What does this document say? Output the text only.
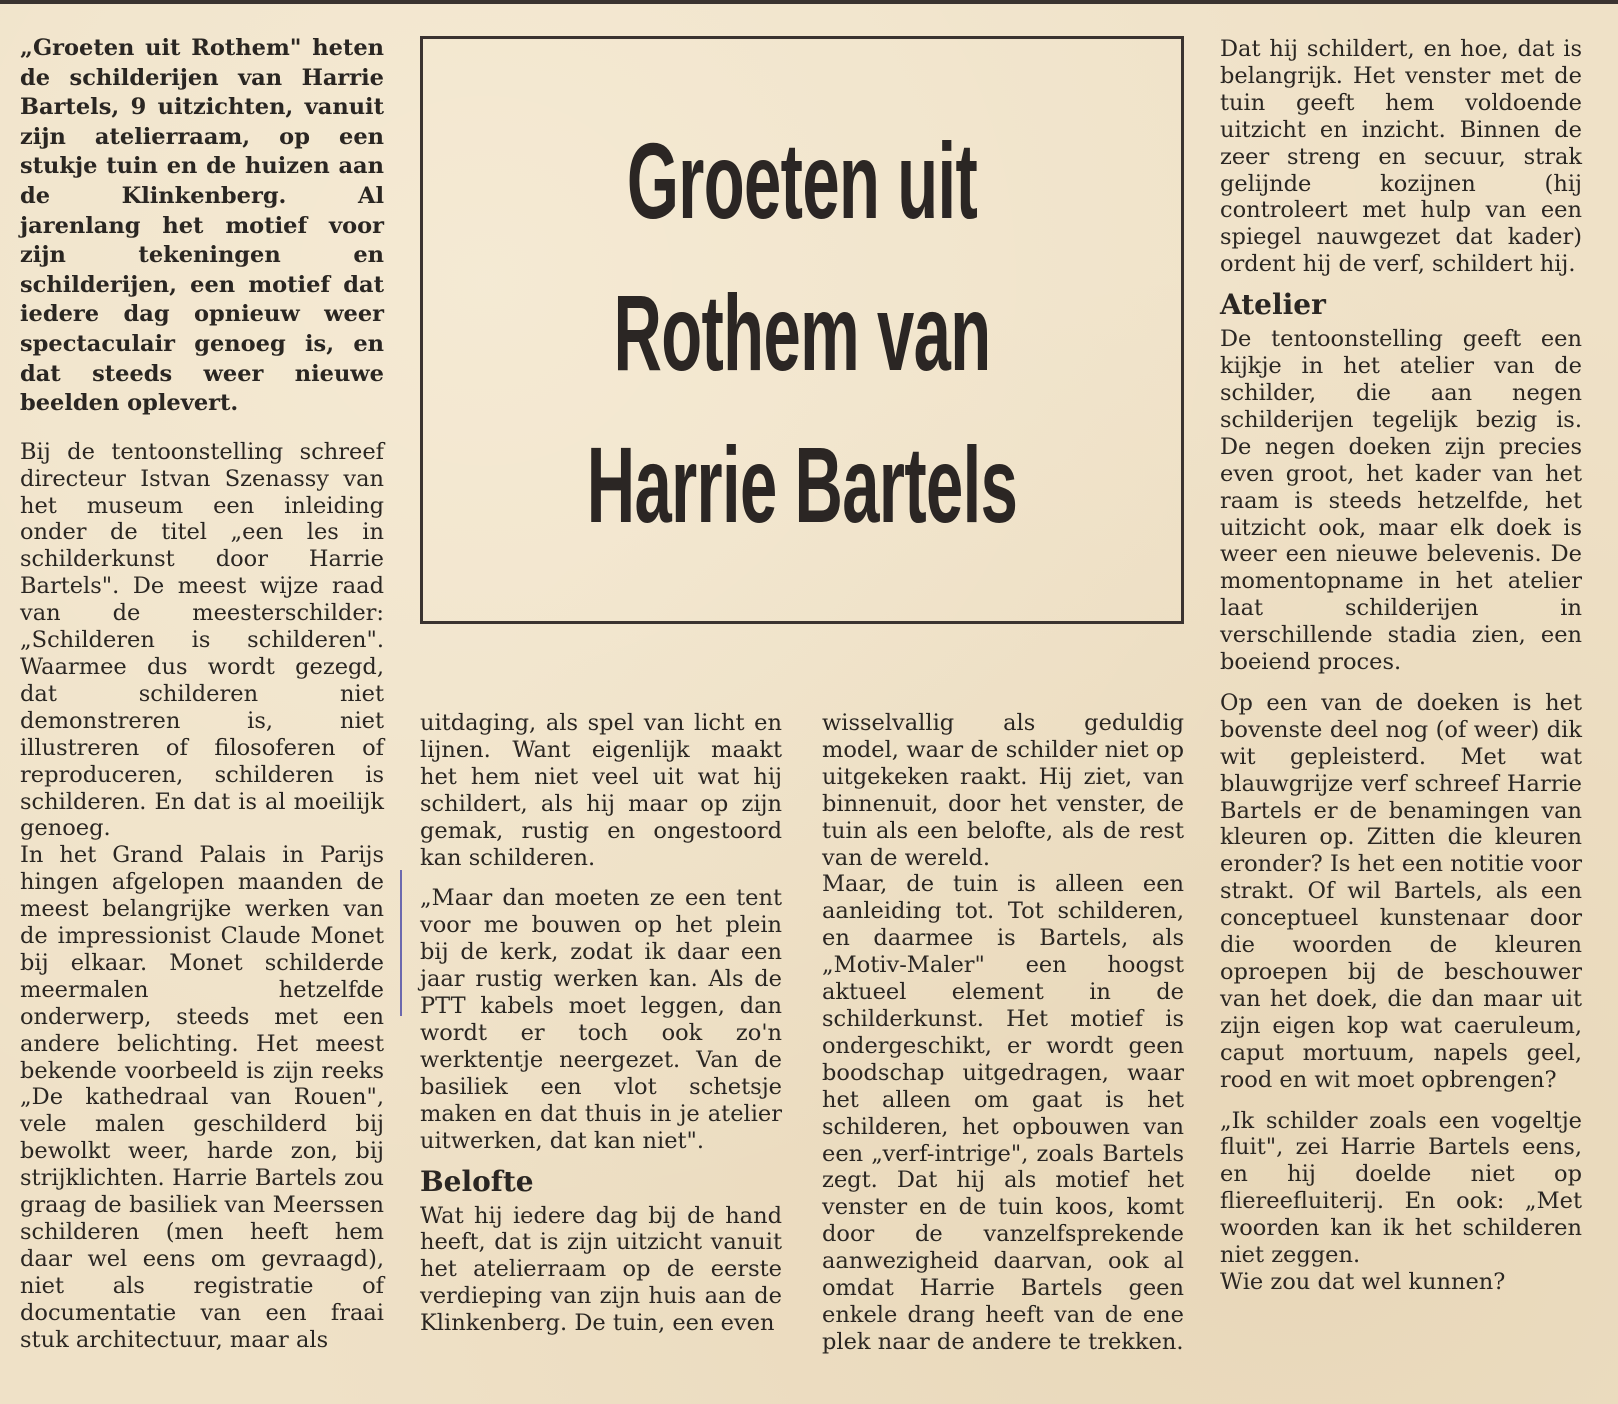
„Groeten uit Rothem" heten de schilderijen van Harrie Bartels, 9 uitzichten, vanuit zijn atelierraam, op een stukje tuin en de huizen aan de Klinkenberg. Al jarenlang het motief voor zijn tekeningen en schilderijen, een motief dat iedere dag opnieuw weer spectaculair genoeg is, en dat steeds weer nieuwe beelden oplevert.

Bij de tentoonstelling schreef directeur Istvan Szenassy van het museum een inleiding onder de titel „een les in schilderkunst door Harrie Bartels". De meest wijze raad van de meesterschilder: „Schilderen is schilderen". Waarmee dus wordt gezegd, dat schilderen niet demonstreren is, niet illustreren of filosoferen of reproduceren, schilderen is schilderen. En dat is al moeilijk genoeg.

In het Grand Palais in Parijs hingen afgelopen maanden de meest belangrijke werken van de impressionist Claude Monet bij elkaar. Monet schilderde meermalen hetzelfde onderwerp, steeds met een andere belichting. Het meest bekende voorbeeld is zijn reeks „De kathedraal van Rouen", vele malen geschilderd bij bewolkt weer, harde zon, bij strijklichten. Harrie Bartels zou graag de basiliek van Meerssen schilderen (men heeft hem daar wel eens om gevraagd), niet als registratie of documentatie van een fraai stuk architectuur, maar als

Groeten uit
Rothem van
Harrie Bartels

uitdaging, als spel van licht en lijnen. Want eigenlijk maakt het hem niet veel uit wat hij schildert, als hij maar op zijn gemak, rustig en ongestoord kan schilderen.

„Maar dan moeten ze een tent voor me bouwen op het plein bij de kerk, zodat ik daar een jaar rustig werken kan. Als de PTT kabels moet leggen, dan wordt er toch ook zo'n werktentje neergezet. Van de basiliek een vlot schetsje maken en dat thuis in je atelier uitwerken, dat kan niet".

Belofte

Wat hij iedere dag bij de hand heeft, dat is zijn uitzicht vanuit het atelierraam op de eerste verdieping van zijn huis aan de Klinkenberg. De tuin, een even

wisselvallig als geduldig model, waar de schilder niet op uitgekeken raakt. Hij ziet, van binnenuit, door het venster, de tuin als een belofte, als de rest van de wereld.

Maar, de tuin is alleen een aanleiding tot. Tot schilderen, en daarmee is Bartels, als „Motiv-Maler" een hoogst aktueel element in de schilderkunst. Het motief is ondergeschikt, er wordt geen boodschap uitgedragen, waar het alleen om gaat is het schilderen, het opbouwen van een „verf-intrige", zoals Bartels zegt. Dat hij als motief het venster en de tuin koos, komt door de vanzelfsprekende aanwezigheid daarvan, ook al omdat Harrie Bartels geen enkele drang heeft van de ene plek naar de andere te trekken.

Dat hij schildert, en hoe, dat is belangrijk. Het venster met de tuin geeft hem voldoende uitzicht en inzicht. Binnen de zeer streng en secuur, strak gelijnde kozijnen (hij controleert met hulp van een spiegel nauwgezet dat kader) ordent hij de verf, schildert hij.

Atelier

De tentoonstelling geeft een kijkje in het atelier van de schilder, die aan negen schilderijen tegelijk bezig is. De negen doeken zijn precies even groot, het kader van het raam is steeds hetzelfde, het uitzicht ook, maar elk doek is weer een nieuwe belevenis. De momentopname in het atelier laat schilderijen in verschillende stadia zien, een boeiend proces.

Op een van de doeken is het bovenste deel nog (of weer) dik wit gepleisterd. Met wat blauwgrijze verf schreef Harrie Bartels er de benamingen van kleuren op. Zitten die kleuren eronder? Is het een notitie voor strakt. Of wil Bartels, als een conceptueel kunstenaar door die woorden de kleuren oproepen bij de beschouwer van het doek, die dan maar uit zijn eigen kop wat caeruleum, caput mortuum, napels geel, rood en wit moet opbrengen?

„Ik schilder zoals een vogeltje fluit", zei Harrie Bartels eens, en hij doelde niet op fliereefluiterij. En ook: „Met woorden kan ik het schilderen niet zeggen.

Wie zou dat wel kunnen?
